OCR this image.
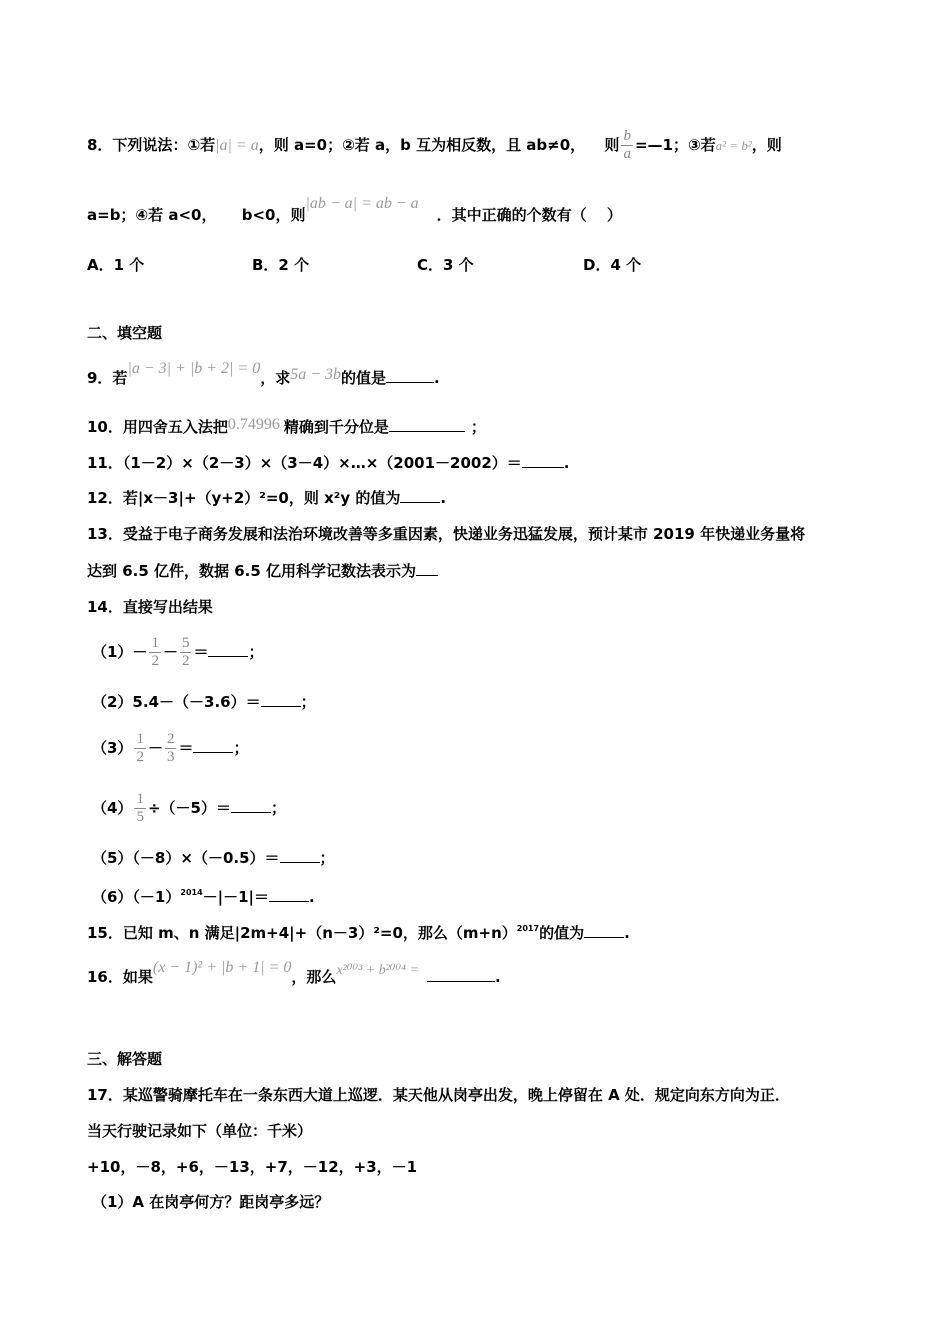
8．下列说法：①若|a| = a，则 a=0；②若 a，b 互为相反数，且 ab≠0， 则 $\frac{b}{a}$ =—1；③若a² = b²，则
a=b；④若 a<0， b<0，则|ab − a| = ab − a．其中正确的个数有（　 ）
A．1 个	B．2 个	C．3 个	D．4 个
二、填空题
9．若|a − 3| + |b + 2| = 0，求5a − 3b的值是	.
10．用四舍五入法把0.74996 精确到千分位是	；
11．（1－2）×（2－3）×（3－4）×…×（2001－2002）＝	.
12．若|x－3|+（y+2）²=0，则 x²y 的值为	.
13．受益于电子商务发展和法治环境改善等多重因素，快递业务迅猛发展，预计某市 2019 年快递业务量将
达到 6.5 亿件，数据 6.5 亿用科学记数法表示为
14．直接写出结果
$(1)- \frac{1}{2} - \frac{5}{2}$ ＝	；
（2）5.4－（－3.6）＝	；
$(3) \frac{1}{2} - \frac{2}{3}$ ＝	；
$(4) \frac{1}{5} \div(-5)=$	；
（5）（－8）×（－0.5）＝	；
$(6)(-1)^{2014}-|-1|=$	.
15．已知 m、n 满足|2m+4|+（n－3）²=0，那么$(m+n)^{2017}$的值为	.
16．如果(x − 1)² + |b + 1| = 0，那么x²⁰⁰³ + b²⁰⁰⁴ =	.
三、解答题
17．某巡警骑摩托车在一条东西大道上巡逻．某天他从岗亭出发，晚上停留在 A 处．规定向东方向为正．
当天行驶记录如下（单位：千米）
+10，－8，+6，－13，+7，－12，+3，－1
（1）A 在岗亭何方？距岗亭多远？
